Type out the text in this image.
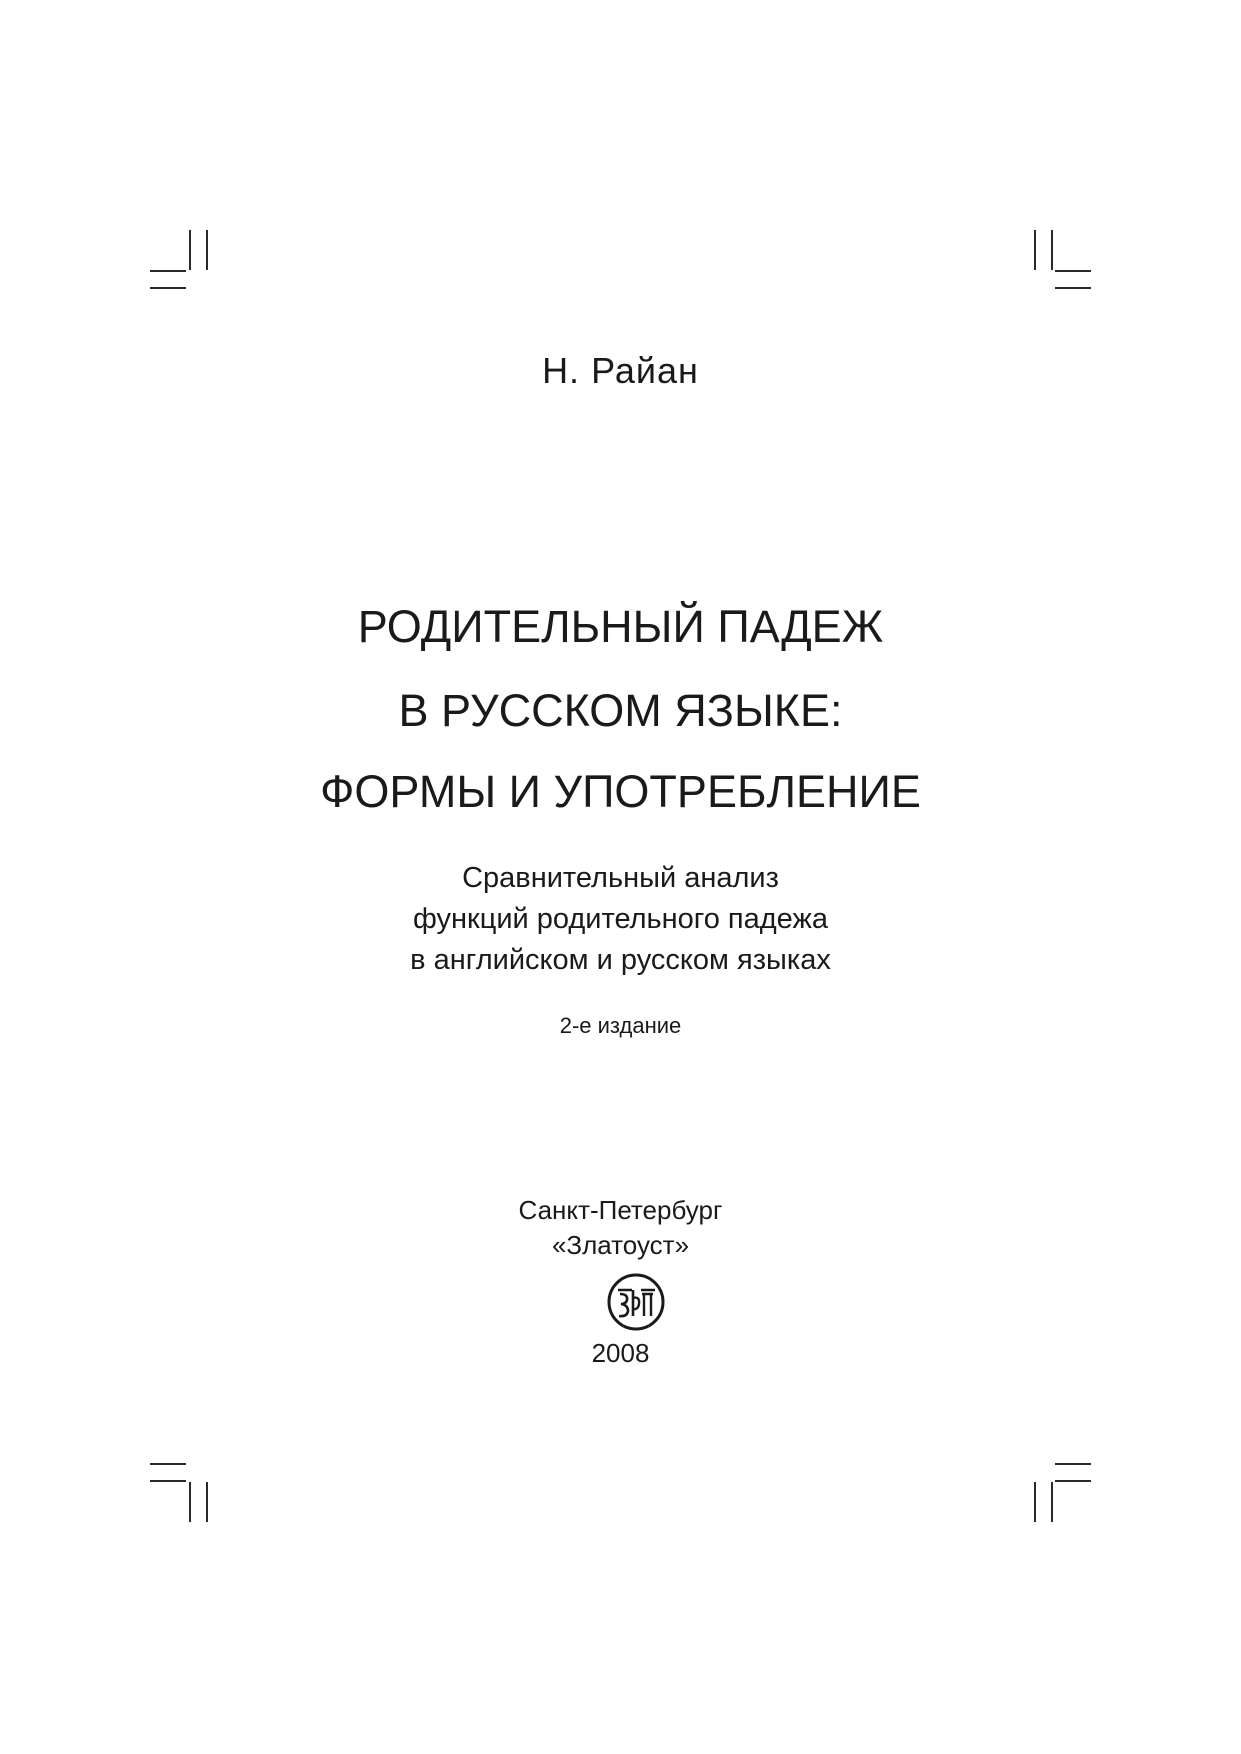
Н. Райан
РОДИТЕЛЬНЫЙ ПАДЕЖ
В РУССКОМ ЯЗЫКЕ:
ФОРМЫ И УПОТРЕБЛЕНИЕ
Сравнительный анализ
функций родительного падежа
в английском и русском языках
2-е издание
Санкт-Петербург
«Златоуст»
2008
